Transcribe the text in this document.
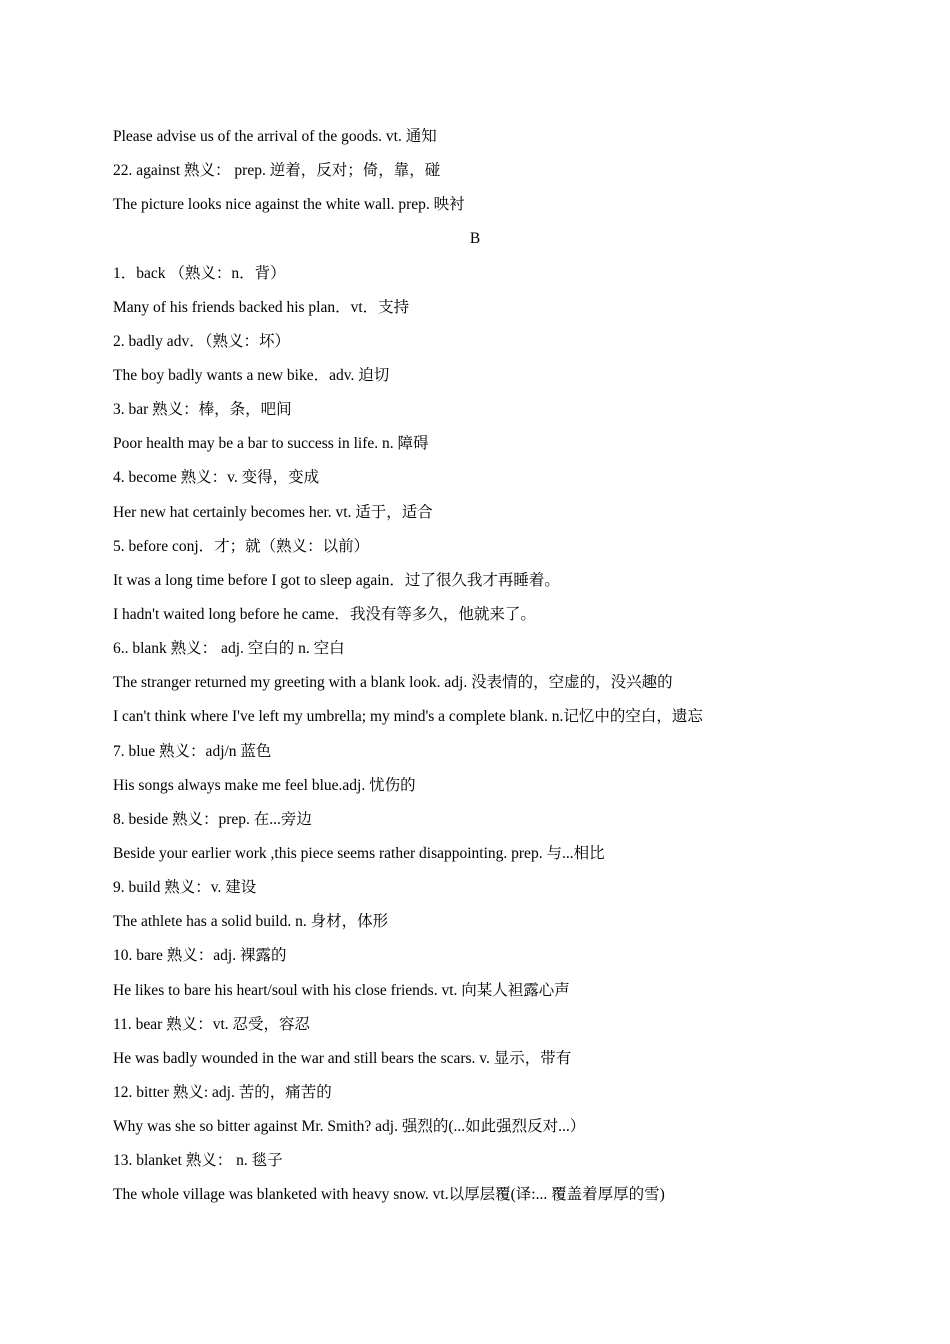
Please advise us of the arrival of the goods. vt. 通知
22. against 熟义： prep. 逆着，反对；倚，靠，碰
The picture looks nice against the white wall. prep. 映衬
B
1．back （熟义：n．背）
Many of his friends backed his plan．vt．支持
2. badly adv．（熟义：坏）
The boy badly wants a new bike．adv. 迫切
3. bar 熟义：棒，条，吧间
Poor health may be a bar to success in life. n. 障碍
4. become 熟义：v. 变得，变成
Her new hat certainly becomes her. vt. 适于，适合
5. before conj．才；就（熟义：以前）
It was a long time before I got to sleep again．过了很久我才再睡着。
I hadn't waited long before he came．我没有等多久，他就来了。
6.. blank 熟义： adj. 空白的 n. 空白
The stranger returned my greeting with a blank look. adj. 没表情的，空虚的，没兴趣的
I can't think where I've left my umbrella; my mind's a complete blank. n.记忆中的空白，遗忘
7. blue 熟义：adj/n 蓝色
His songs always make me feel blue.adj. 忧伤的
8. beside 熟义：prep. 在...旁边
Beside your earlier work ,this piece seems rather disappointing. prep. 与...相比
9. build 熟义：v. 建设
The athlete has a solid build. n. 身材，体形
10. bare 熟义：adj. 裸露的
He likes to bare his heart/soul with his close friends. vt. 向某人袒露心声
11. bear 熟义：vt. 忍受，容忍
He was badly wounded in the war and still bears the scars. v. 显示，带有
12. bitter 熟义: adj. 苦的，痛苦的
Why was she so bitter against Mr. Smith? adj. 强烈的(...如此强烈反对...）
13. blanket 熟义： n. 毯子
The whole village was blanketed with heavy snow. vt.以厚层覆(译:... 覆盖着厚厚的雪)
